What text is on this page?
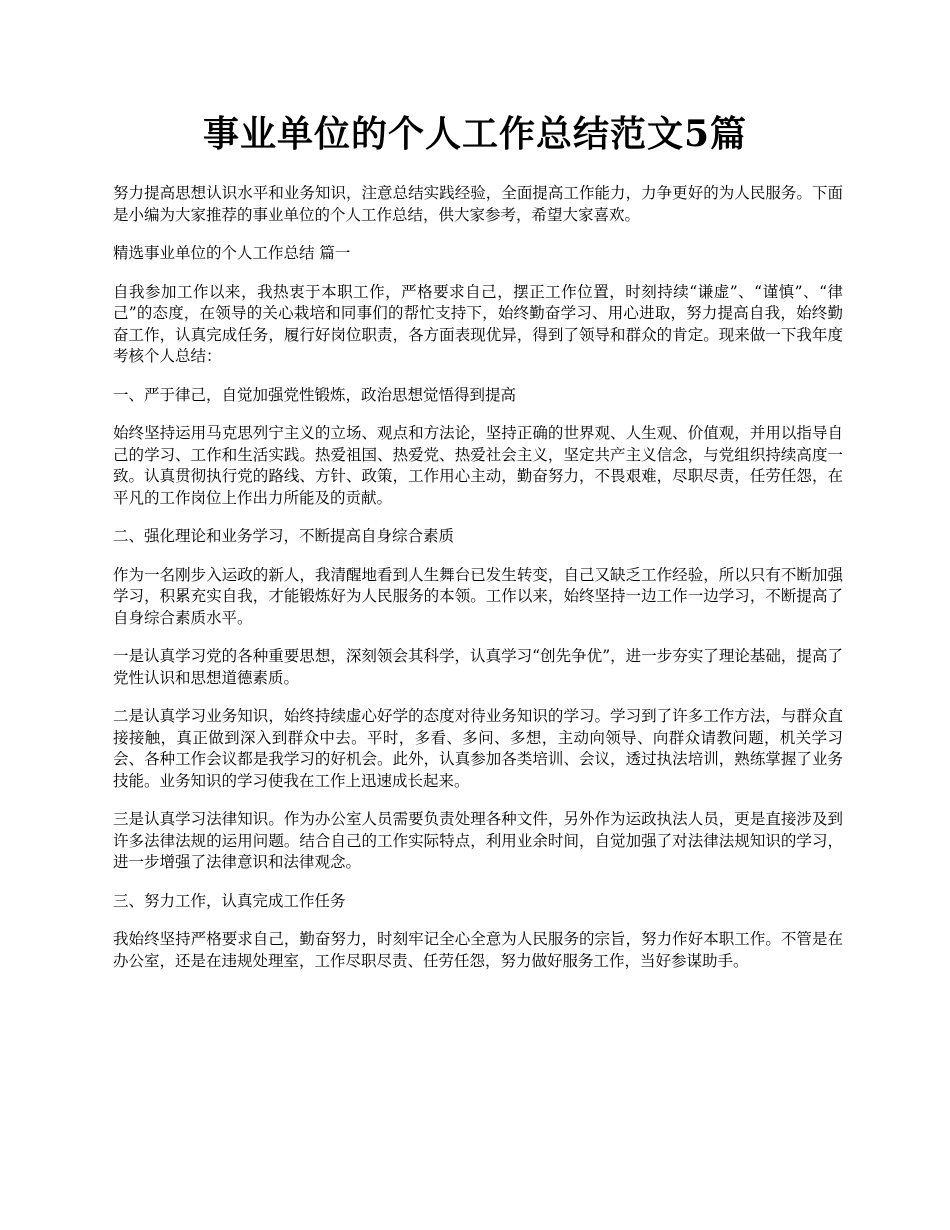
事业单位的个人工作总结范文5篇

努力提高思想认识水平和业务知识，注意总结实践经验，全面提高工作能力，力争更好的为人民服务。下面是小编为大家推荐的事业单位的个人工作总结，供大家参考，希望大家喜欢。

精选事业单位的个人工作总结 篇一

自我参加工作以来，我热衷于本职工作，严格要求自己，摆正工作位置，时刻持续“谦虚”、“谨慎”、“律己”的态度，在领导的关心栽培和同事们的帮忙支持下，始终勤奋学习、用心进取，努力提高自我，始终勤奋工作，认真完成任务，履行好岗位职责，各方面表现优异，得到了领导和群众的肯定。现来做一下我年度考核个人总结：

一、严于律己，自觉加强党性锻炼，政治思想觉悟得到提高

始终坚持运用马克思列宁主义的立场、观点和方法论，坚持正确的世界观、人生观、价值观，并用以指导自己的学习、工作和生活实践。热爱祖国、热爱党、热爱社会主义，坚定共产主义信念，与党组织持续高度一致。认真贯彻执行党的路线、方针、政策，工作用心主动，勤奋努力，不畏艰难，尽职尽责，任劳任怨，在平凡的工作岗位上作出力所能及的贡献。

二、强化理论和业务学习，不断提高自身综合素质

作为一名刚步入运政的新人，我清醒地看到人生舞台已发生转变，自己又缺乏工作经验，所以只有不断加强学习，积累充实自我，才能锻炼好为人民服务的本领。工作以来，始终坚持一边工作一边学习，不断提高了自身综合素质水平。

一是认真学习党的各种重要思想，深刻领会其科学，认真学习“创先争优”，进一步夯实了理论基础，提高了党性认识和思想道德素质。

二是认真学习业务知识，始终持续虚心好学的态度对待业务知识的学习。学习到了许多工作方法，与群众直接接触，真正做到深入到群众中去。平时，多看、多问、多想，主动向领导、向群众请教问题，机关学习会、各种工作会议都是我学习的好机会。此外，认真参加各类培训、会议，透过执法培训，熟练掌握了业务技能。业务知识的学习使我在工作上迅速成长起来。

三是认真学习法律知识。作为办公室人员需要负责处理各种文件，另外作为运政执法人员，更是直接涉及到许多法律法规的运用问题。结合自己的工作实际特点，利用业余时间，自觉加强了对法律法规知识的学习，进一步增强了法律意识和法律观念。

三、努力工作，认真完成工作任务

我始终坚持严格要求自己，勤奋努力，时刻牢记全心全意为人民服务的宗旨，努力作好本职工作。不管是在办公室，还是在违规处理室，工作尽职尽责、任劳任怨，努力做好服务工作，当好参谋助手。
